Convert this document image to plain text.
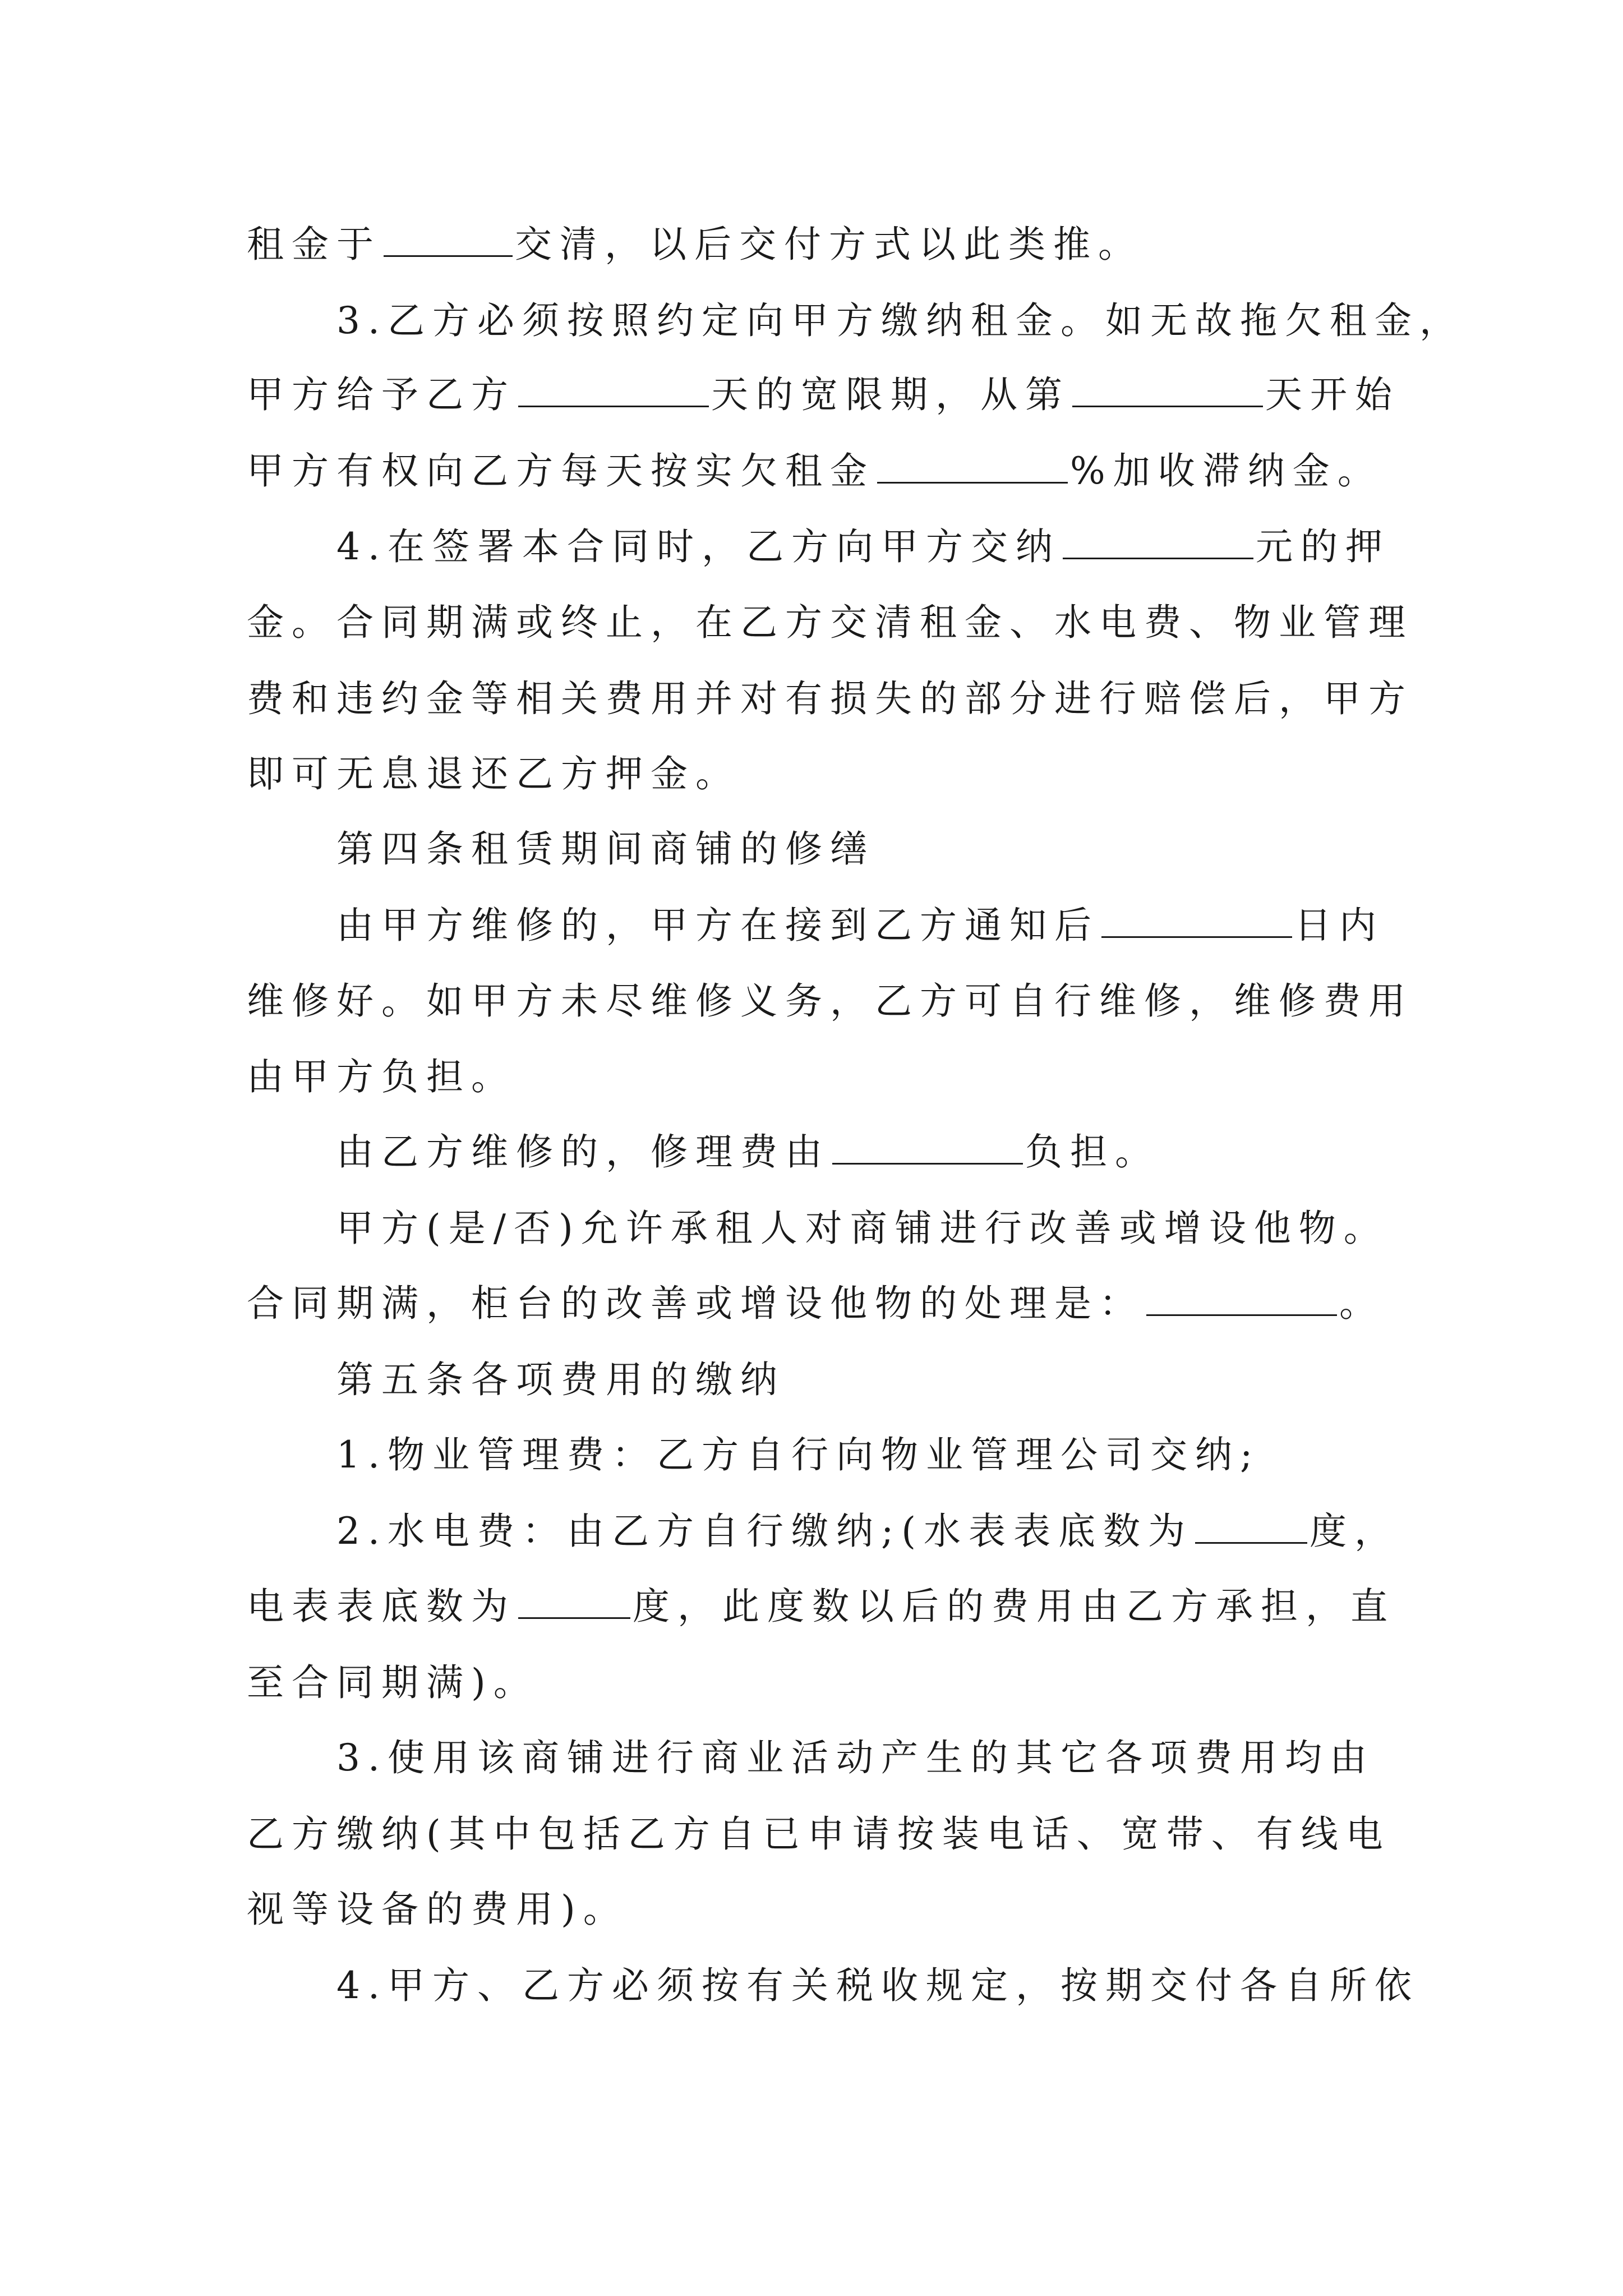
租金于	交清，以后交付方式以此类推。
3.乙方必须按照约定向甲方缴纳租金。如无故拖欠租金，
甲方给予乙方	天的宽限期，从第	天开始
甲方有权向乙方每天按实欠租金	%加收滞纳金。
4.在签署本合同时，乙方向甲方交纳	元的押
金。合同期满或终止，在乙方交清租金、水电费、物业管理
费和违约金等相关费用并对有损失的部分进行赔偿后，甲方
即可无息退还乙方押金。
第四条租赁期间商铺的修缮
由甲方维修的，甲方在接到乙方通知后	日内
维修好。如甲方未尽维修义务，乙方可自行维修，维修费用
由甲方负担。
由乙方维修的，修理费由	负担。
甲方(是/否)允许承租人对商铺进行改善或增设他物。
合同期满，柜台的改善或增设他物的处理是：	。
第五条各项费用的缴纳
1.物业管理费：乙方自行向物业管理公司交纳;
2.水电费：由乙方自行缴纳;(水表表底数为	度，
电表表底数为	度，此度数以后的费用由乙方承担，直
至合同期满)。
3.使用该商铺进行商业活动产生的其它各项费用均由
乙方缴纳(其中包括乙方自已申请按装电话、宽带、有线电
视等设备的费用)。
4.甲方、乙方必须按有关税收规定，按期交付各自所依
